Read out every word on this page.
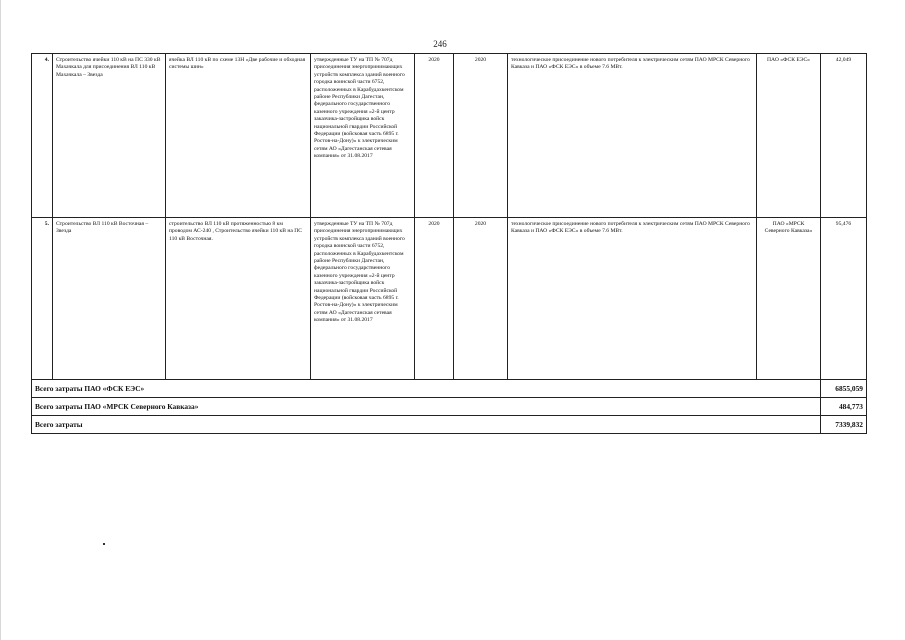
246
4.	Строительство ячейки 110 кВ на ПС 330 кВ Махачкала для присоединения ВЛ 110 кВ Махачкала – Звезда	ячейка ВЛ 110 кВ по схеме 13Н «Две рабочие и обходная системы шин»	утвержденные ТУ на ТП № 707д присоединения энергопринимающих устройств комплекса зданий военного городка воинской части 6752, расположенных в Карабудахкентском районе Республики Дагестан, федерального государственного казенного учреждения «2-й центр заказчика-застройщика войск национальной гвардии Российской Федерации (войсковая часть 6895 г. Ростов-на-Дону)» к электрическим сетям АО «Дагестанская сетевая компания» от 31.08.2017	2020	2020	технологическое присоединение нового потребителя к электрическим сетям ПАО МРСК Северного Кавказа и ПАО «ФСК ЕЭС» в объеме 7.6 МВт.	ПАО «ФСК ЕЭС»	42,049
5.	Строительство ВЛ 110 кВ Восточная – Звезда	строительство ВЛ 110 кВ протяженностью 8 км проводом АС-240 , Строительство ячейки 110 кВ на ПС 110 кВ Восточная.	утвержденные ТУ на ТП № 707д присоединения энергопринимающих устройств комплекса зданий военного городка воинской части 6752, расположенных в Карабудахкентском районе Республики Дагестан, федерального государственного казенного учреждения «2-й центр заказчика-застройщика войск национальной гвардии Российской Федерации (войсковая часть 6895 г. Ростов-на-Дону)» к электрическим сетям АО «Дагестанская сетевая компания» от 31.08.2017	2020	2020	технологическое присоединение нового потребителя к электрическим сетям ПАО МРСК Северного Кавказа и ПАО «ФСК ЕЭС» в объеме 7.6 МВт.	ПАО «МРСК Северного Кавказа»	95,476
Всего затраты ПАО «ФСК ЕЭС»								6855,059
Всего затраты ПАО «МРСК Северного Кавказа»								484,773
Всего затраты								7339,832
